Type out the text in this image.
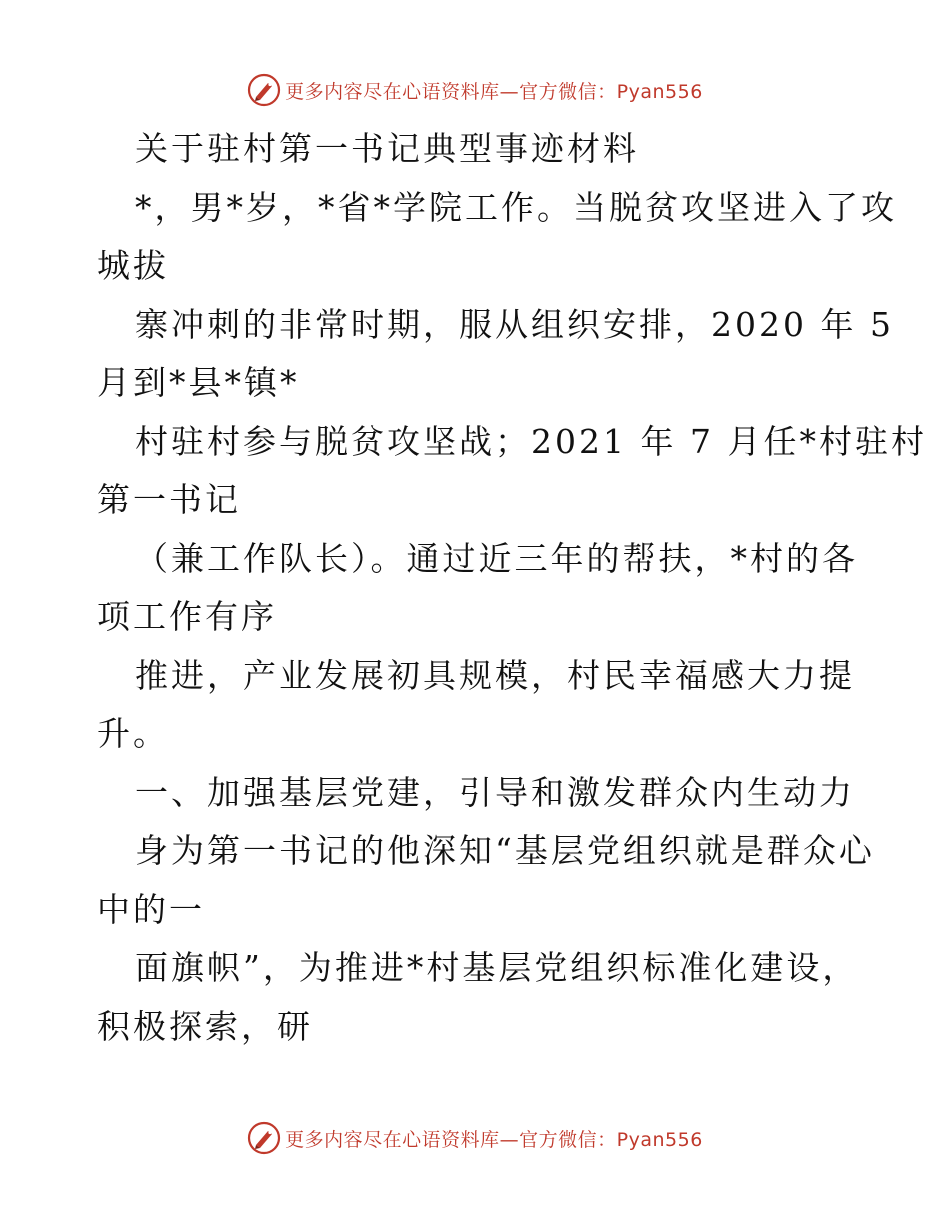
更多内容尽在心语资料库—官方微信：Pyan556
关于驻村第一书记典型事迹材料
*，男*岁，*省*学院工作。当脱贫攻坚进入了攻
城拔
寨冲刺的非常时期，服从组织安排，2020 年 5
月到*县*镇*
村驻村参与脱贫攻坚战；2021 年 7 月任*村驻村
第一书记
（兼工作队长）。通过近三年的帮扶，*村的各
项工作有序
推进，产业发展初具规模，村民幸福感大力提
升。
一、加强基层党建，引导和激发群众内生动力
身为第一书记的他深知“基层党组织就是群众心
中的一
面旗帜”，为推进*村基层党组织标准化建设，
积极探索，研
更多内容尽在心语资料库—官方微信：Pyan556
